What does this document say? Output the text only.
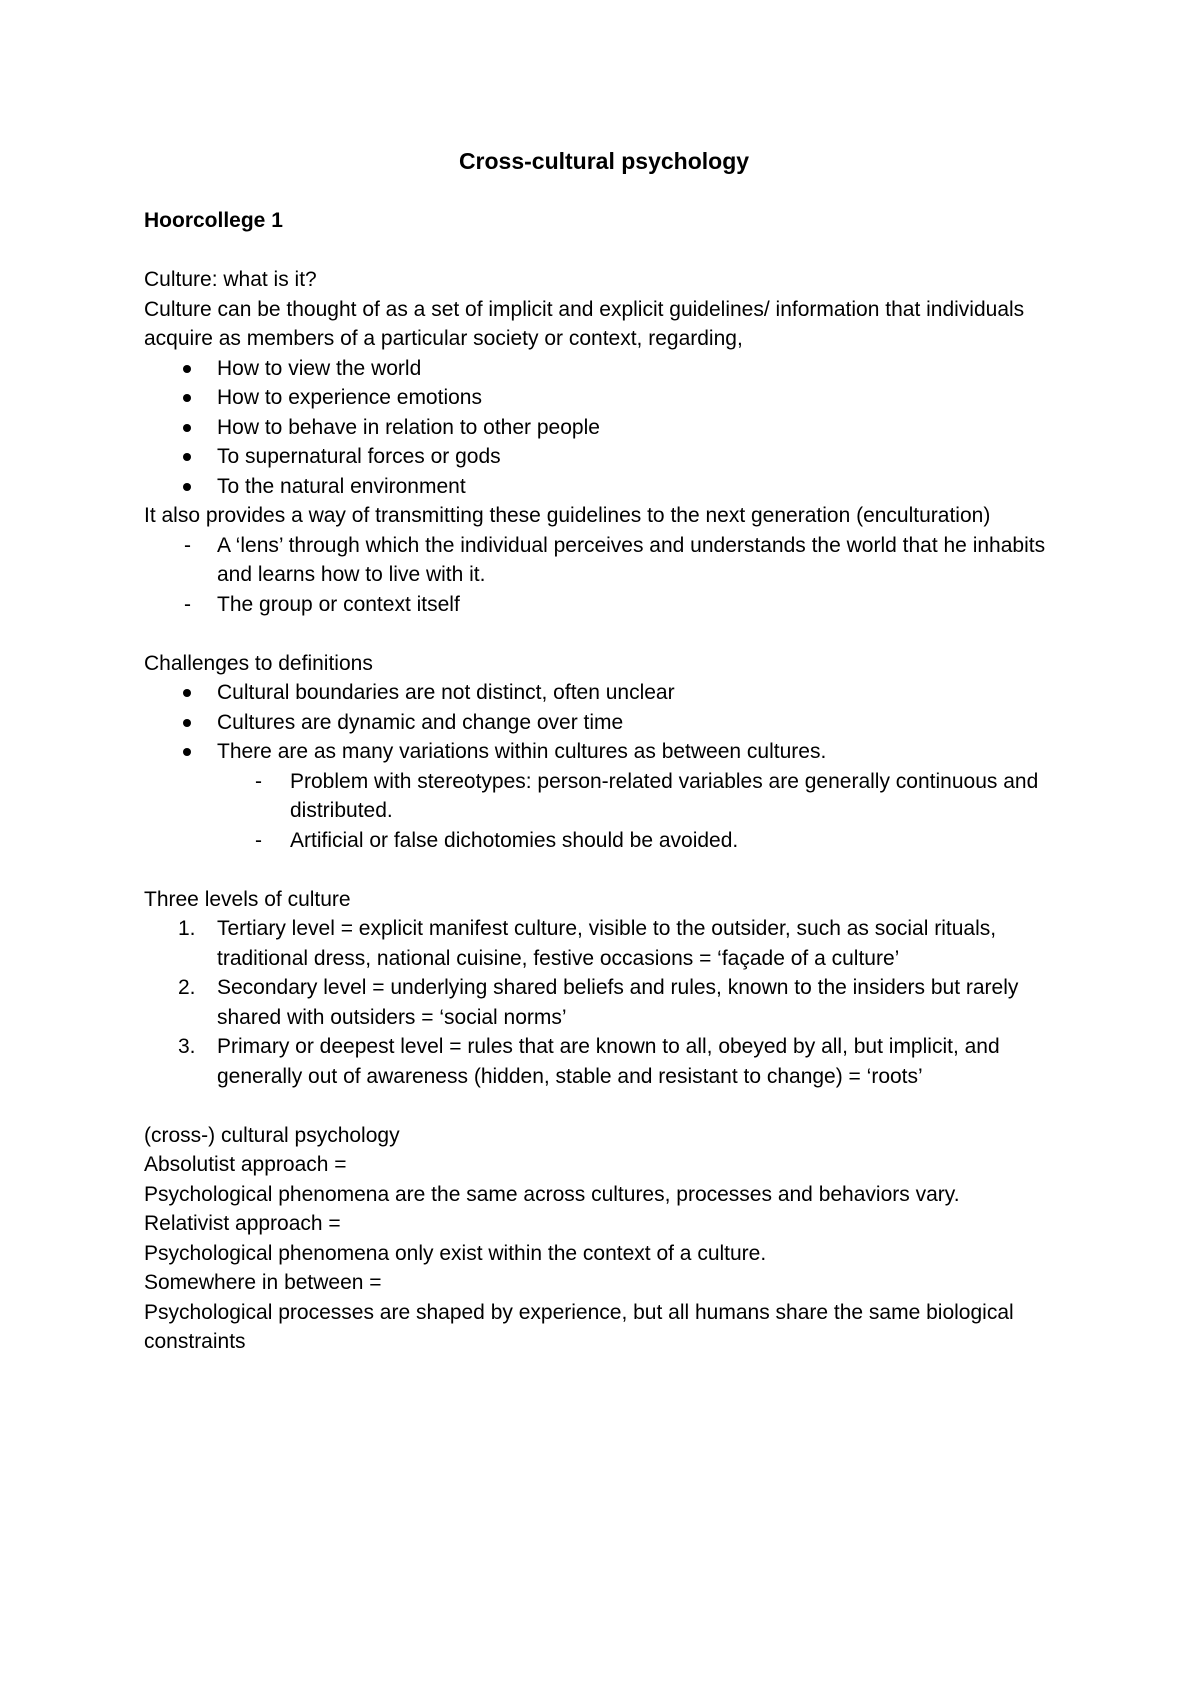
Cross-cultural psychology
Hoorcollege 1
Culture: what is it?
Culture can be thought of as a set of implicit and explicit guidelines/ information that individuals acquire as members of a particular society or context, regarding,
How to view the world
How to experience emotions
How to behave in relation to other people
To supernatural forces or gods
To the natural environment
It also provides a way of transmitting these guidelines to the next generation (enculturation)
- A ‘lens’ through which the individual perceives and understands the world that he inhabits and learns how to live with it.
- The group or context itself
Challenges to definitions
Cultural boundaries are not distinct, often unclear
Cultures are dynamic and change over time
There are as many variations within cultures as between cultures.
- Problem with stereotypes: person-related variables are generally continuous and distributed.
- Artificial or false dichotomies should be avoided.
Three levels of culture
1. Tertiary level = explicit manifest culture, visible to the outsider, such as social rituals, traditional dress, national cuisine, festive occasions = ‘façade of a culture’
2. Secondary level = underlying shared beliefs and rules, known to the insiders but rarely shared with outsiders = ‘social norms’
3. Primary or deepest level = rules that are known to all, obeyed by all, but implicit, and generally out of awareness (hidden, stable and resistant to change) = ‘roots’
(cross-) cultural psychology
Absolutist approach =
Psychological phenomena are the same across cultures, processes and behaviors vary.
Relativist approach =
Psychological phenomena only exist within the context of a culture.
Somewhere in between =
Psychological processes are shaped by experience, but all humans share the same biological constraints
